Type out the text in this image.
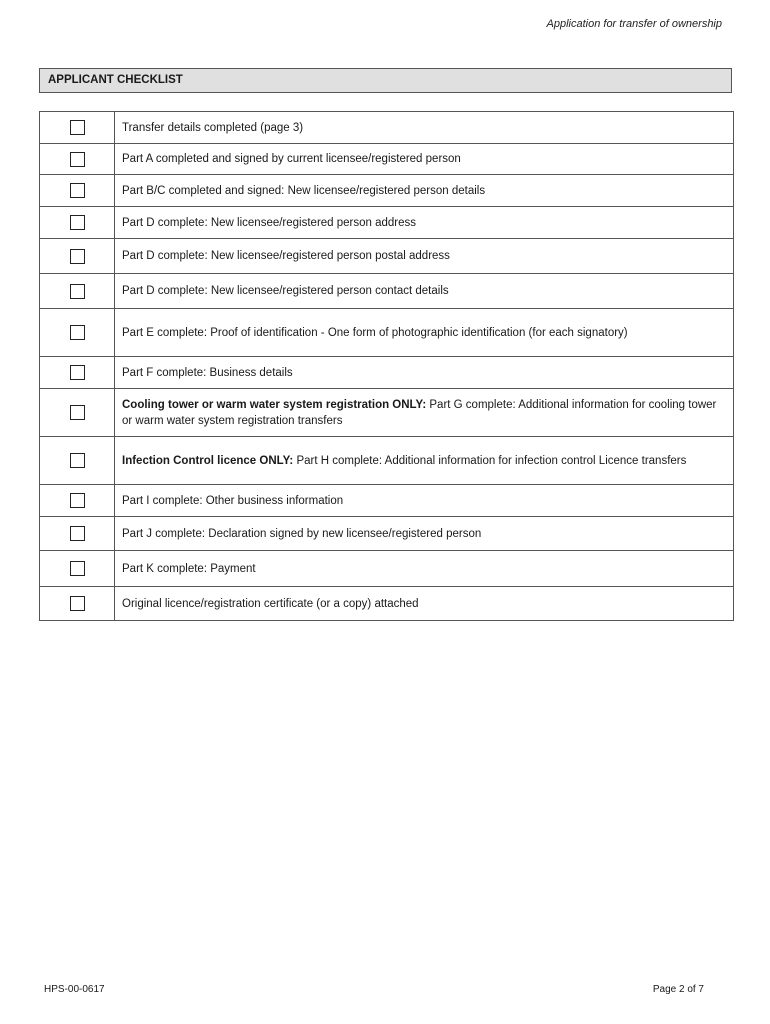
Application for transfer of ownership
APPLICANT CHECKLIST
	Transfer details completed (page 3)
	Part A completed and signed by current licensee/registered person
	Part B/C completed and signed: New licensee/registered person details
	Part D complete: New licensee/registered person address
	Part D complete: New licensee/registered person postal address
	Part D complete: New licensee/registered person contact details
	Part E complete: Proof of identification - One form of photographic identification (for each signatory)
	Part F complete: Business details
	Cooling tower or warm water system registration ONLY: Part G complete: Additional information for cooling tower or warm water system registration transfers
	Infection Control licence ONLY: Part H complete: Additional information for infection control Licence transfers
	Part I complete: Other business information
	Part J complete: Declaration signed by new licensee/registered person
	Part K complete: Payment
	Original licence/registration certificate (or a copy) attached
HPS-00-0617	Page 2 of 7
